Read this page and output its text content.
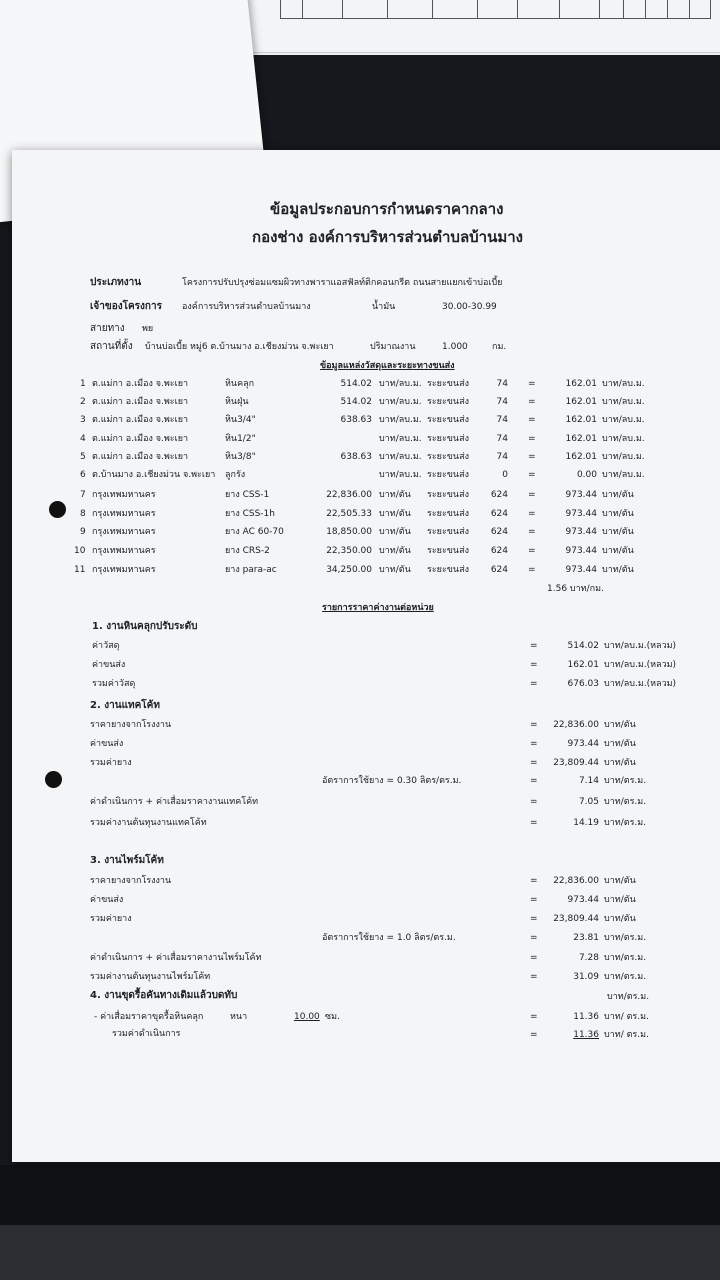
ข้อมูลประกอบการกำหนดราคากลาง
กองช่าง องค์การบริหารส่วนตำบลบ้านมาง
ประเภทงาน	โครงการปรับปรุงซ่อมแซมผิวทางพาราแอสฟัลท์ติกคอนกรีต ถนนสายแยกเข้าบ่อเบี้ย
เจ้าของโครงการ องค์การบริหารส่วนตำบลบ้านมาง	น้ำมัน	30.00-30.99
สายทาง พย
สถานที่ตั้ง บ้านบ่อเบี้ย หมู่6 ต.บ้านมาง อ.เชียงม่วน จ.พะเยา	ปริมาณงาน	1.000	กม.
ข้อมูลแหล่งวัสดุและระยะทางขนส่ง
1 ต.แม่กา อ.เมือง จ.พะเยา	หินคลุก	514.02 บาท/ลบ.ม. ระยะขนส่ง	74 =	162.01 บาท/ลบ.ม.
2 ต.แม่กา อ.เมือง จ.พะเยา	หินฝุ่น	514.02 บาท/ลบ.ม. ระยะขนส่ง	74 =	162.01 บาท/ลบ.ม.
3 ต.แม่กา อ.เมือง จ.พะเยา	หิน3/4"	638.63 บาท/ลบ.ม. ระยะขนส่ง	74 =	162.01 บาท/ลบ.ม.
4 ต.แม่กา อ.เมือง จ.พะเยา	หิน1/2"	บาท/ลบ.ม. ระยะขนส่ง	74 =	162.01 บาท/ลบ.ม.
5 ต.แม่กา อ.เมือง จ.พะเยา	หิน3/8"	638.63 บาท/ลบ.ม. ระยะขนส่ง	74 =	162.01 บาท/ลบ.ม.
6 ต.บ้านมาง อ.เชียงม่วน จ.พะเยา ลูกรัง	บาท/ลบ.ม. ระยะขนส่ง	0 =	0.00 บาท/ลบ.ม.
7 กรุงเทพมหานคร	ยาง CSS-1	22,836.00 บาท/ตัน ระยะขนส่ง	624 =	973.44 บาท/ตัน
8 กรุงเทพมหานคร	ยาง CSS-1h	22,505.33 บาท/ตัน ระยะขนส่ง	624 =	973.44 บาท/ตัน
9 กรุงเทพมหานคร	ยาง AC 60-70	18,850.00 บาท/ตัน ระยะขนส่ง	624 =	973.44 บาท/ตัน
10 กรุงเทพมหานคร	ยาง CRS-2	22,350.00 บาท/ตัน ระยะขนส่ง	624 =	973.44 บาท/ตัน
11 กรุงเทพมหานคร	ยาง para-ac	34,250.00 บาท/ตัน ระยะขนส่ง	624 =	973.44 บาท/ตัน
1.56 บาท/กม.
รายการราคาค่างานต่อหน่วย
1. งานหินคลุกปรับระดับ
ค่าวัสดุ	=	514.02 บาท/ลบ.ม.(หลวม)
ค่าขนส่ง	=	162.01 บาท/ลบ.ม.(หลวม)
รวมค่าวัสดุ	=	676.03 บาท/ลบ.ม.(หลวม)
2. งานแทคโค้ท
ราคายางจากโรงงาน	=	22,836.00 บาท/ตัน
ค่าขนส่ง	=	973.44 บาท/ตัน
รวมค่ายาง	=	23,809.44 บาท/ตัน
อัตราการใช้ยาง = 0.30 ลิตร/ตร.ม.	=	7.14 บาท/ตร.ม.
ค่าดำเนินการ + ค่าเสื่อมราคางานแทคโค้ท	=	7.05 บาท/ตร.ม.
รวมค่างานต้นทุนงานแทคโค้ท	=	14.19 บาท/ตร.ม.
3. งานไพร์มโค้ท
ราคายางจากโรงงาน	=	22,836.00 บาท/ตัน
ค่าขนส่ง	=	973.44 บาท/ตัน
รวมค่ายาง	=	23,809.44 บาท/ตัน
อัตราการใช้ยาง = 1.0 ลิตร/ตร.ม.	=	23.81 บาท/ตร.ม.
ค่าดำเนินการ + ค่าเสื่อมราคางานไพร์มโค้ท	=	7.28 บาท/ตร.ม.
รวมค่างานต้นทุนงานไพร์มโค้ท	=	31.09 บาท/ตร.ม.
4. งานขุดรื้อคันทางเดิมแล้วบดทับ	บาท/ตร.ม.
- ค่าเสื่อมราคาขุดรื้อหินคลุก	หนา	10.00 ซม.	=	11.36 บาท/ ตร.ม.
รวมค่าดำเนินการ	=	11.36 บาท/ ตร.ม.
